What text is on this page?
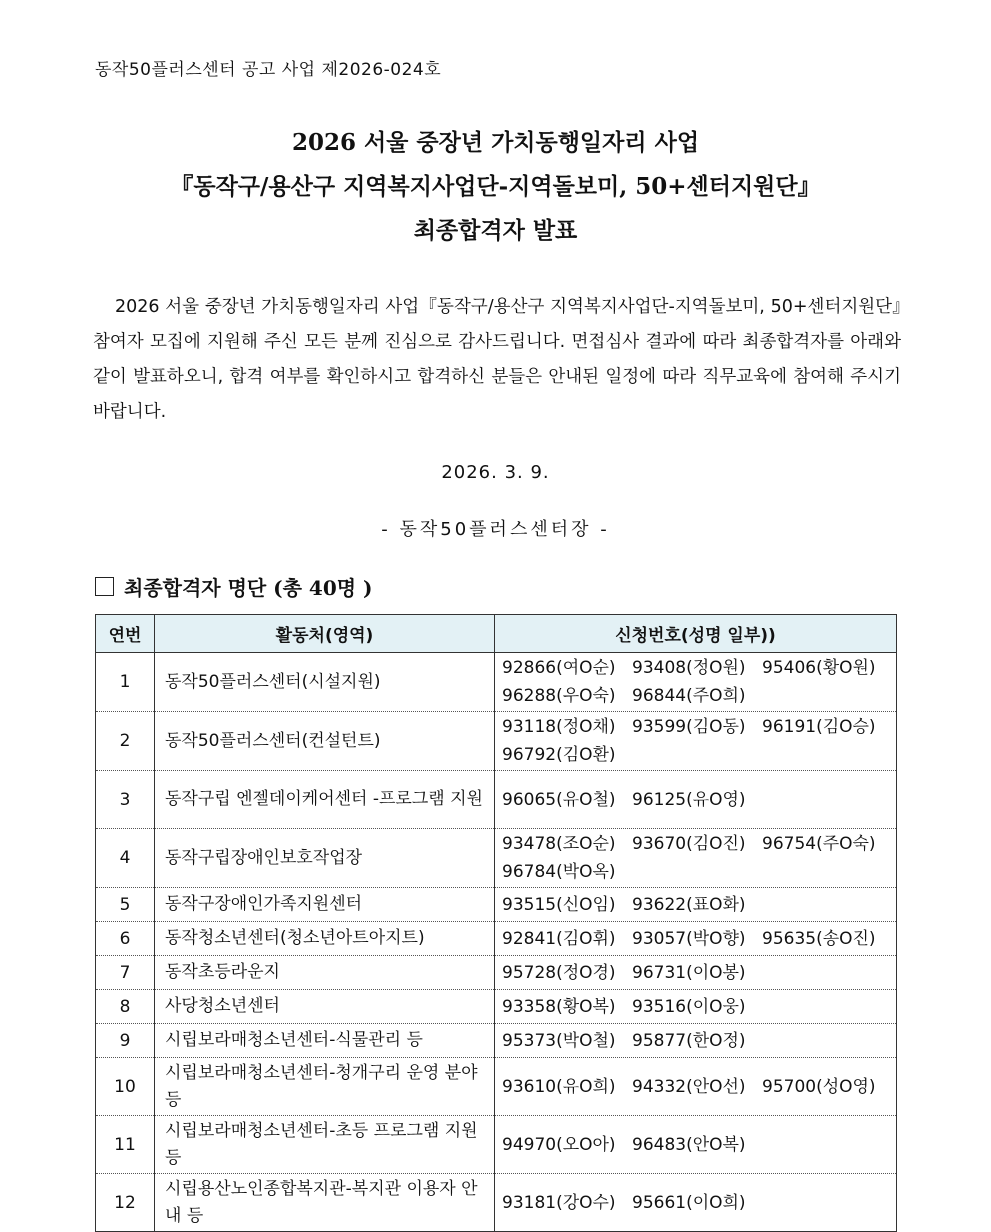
동작50플러스센터 공고 사업 제2026-024호
2026 서울 중장년 가치동행일자리 사업
『동작구/용산구 지역복지사업단-지역돌보미, 50+센터지원단』
최종합격자 발표
2026 서울 중장년 가치동행일자리 사업『동작구/용산구 지역복지사업단-지역돌보미, 50+센터지원단』참여자 모집에 지원해 주신 모든 분께 진심으로 감사드립니다. 면접심사 결과에 따라 최종합격자를 아래와 같이 발표하오니, 합격 여부를 확인하시고 합격하신 분들은 안내된 일정에 따라 직무교육에 참여해 주시기 바랍니다.
2026. 3. 9.
- 동작50플러스센터장 -
최종합격자 명단 (총 40명 )
연번	활동처(영역)	신청번호(성명 일부))
1	동작50플러스센터(시설지원)	92866(여O순) 93408(정O원) 95406(황O원)96288(우O숙) 96844(주O희)
2	동작50플러스센터(컨설턴트)	93118(정O채) 93599(김O동) 96191(김O승)96792(김O환)
3	동작구립 엔젤데이케어센터 -프로그램 지원	96065(유O철) 96125(유O영)
4	동작구립장애인보호작업장	93478(조O순) 93670(김O진) 96754(주O숙)96784(박O옥)
5	동작구장애인가족지원센터	93515(신O임) 93622(표O화)
6	동작청소년센터(청소년아트아지트)	92841(김O휘) 93057(박O향) 95635(송O진)
7	동작초등라운지	95728(정O경) 96731(이O봉)
8	사당청소년센터	93358(황O복) 93516(이O웅)
9	시립보라매청소년센터-식물관리 등	95373(박O철) 95877(한O정)
10	시립보라매청소년센터-청개구리 운영 분야 등	93610(유O희) 94332(안O선) 95700(성O영)
11	시립보라매청소년센터-초등 프로그램 지원 등	94970(오O아) 96483(안O복)
12	시립용산노인종합복지관-복지관 이용자 안내 등	93181(강O수) 95661(이O희)
